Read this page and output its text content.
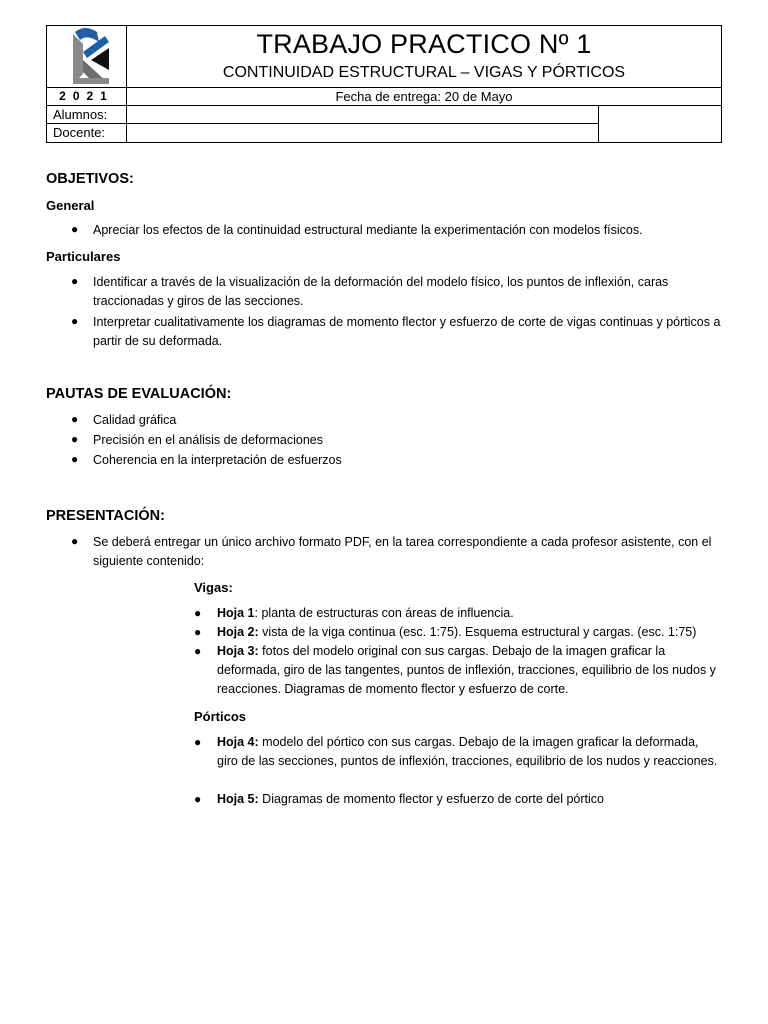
TRABAJO PRACTICO Nº 1
CONTINUIDAD ESTRUCTURAL – VIGAS Y PÓRTICOS
2021	Fecha de entrega: 20 de Mayo
Alumnos:
Docente:
OBJETIVOS:
General
● Apreciar los efectos de la continuidad estructural mediante la experimentación con modelos físicos.
Particulares
● Identificar a través de la visualización de la deformación del modelo físico, los puntos de inflexión, caras traccionadas y giros de las secciones.
● Interpretar cualitativamente los diagramas de momento flector y esfuerzo de corte de vigas continuas y pórticos a partir de su deformada.
PAUTAS DE EVALUACIÓN:
● Calidad gráfica
● Precisión en el análisis de deformaciones
● Coherencia en la interpretación de esfuerzos
PRESENTACIÓN:
● Se deberá entregar un único archivo formato PDF, en la tarea correspondiente a cada profesor asistente, con el siguiente contenido:
Vigas:
● Hoja 1: planta de estructuras con áreas de influencia.
● Hoja 2: vista de la viga continua (esc. 1:75). Esquema estructural y cargas. (esc. 1:75)
● Hoja 3: fotos del modelo original con sus cargas. Debajo de la imagen graficar la deformada, giro de las tangentes, puntos de inflexión, tracciones, equilibrio de los nudos y reacciones. Diagramas de momento flector y esfuerzo de corte.
Pórticos
● Hoja 4: modelo del pórtico con sus cargas. Debajo de la imagen graficar la deformada, giro de las secciones, puntos de inflexión, tracciones, equilibrio de los nudos y reacciones.
● Hoja 5: Diagramas de momento flector y esfuerzo de corte del pórtico
